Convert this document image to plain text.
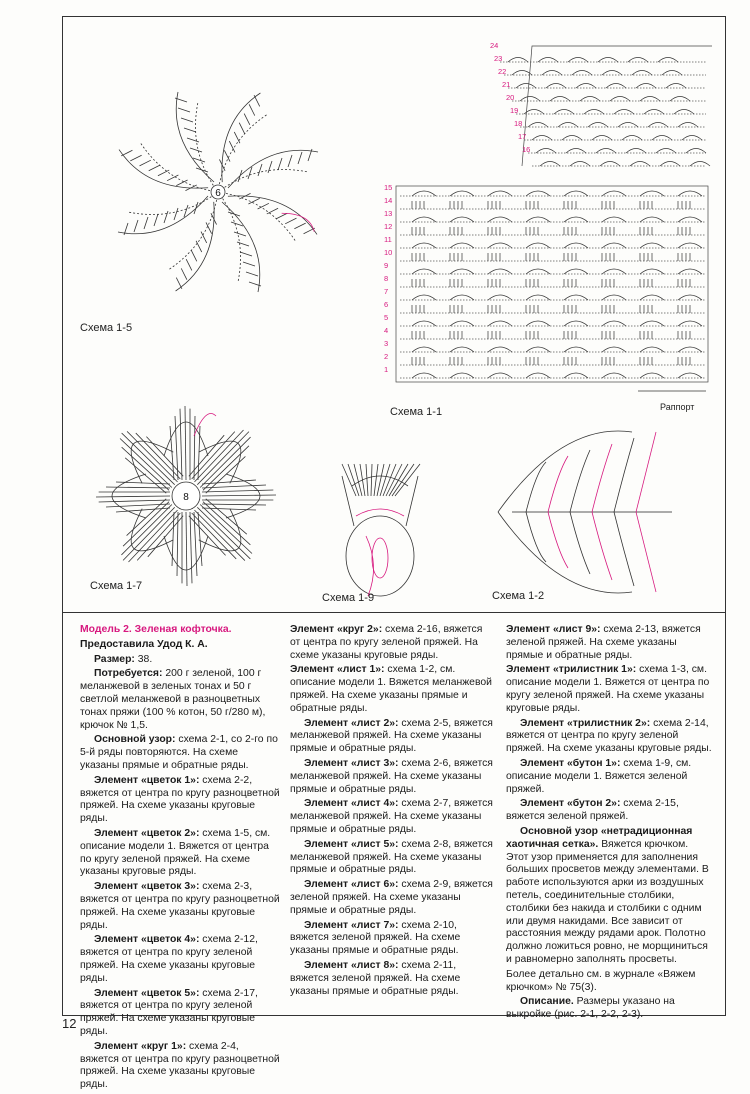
6
15
14
13
12
11
10
9
8
7
6
5
4
3
2
1
24
23
22
21
20
19
18
17
16
8
Схема 1-5
Схема 1-1	Раппорт
Схема 1-7
Схема 1-9	Схема 1-2

Модель 2. Зеленая кофточка.

Предоставила Удод К. А.

Размер: 38.

Потребуется: 200 г зеленой, 100 г меланжевой в зеленых тонах и 50 г светлой меланжевой в разноцветных тонах пряжи (100 % котон, 50 г/280 м), крючок № 1,5.

Основной узор: схема 2-1, со 2-го по 5-й ряды повторяются. На схеме указаны прямые и обратные ряды.

Элемент «цветок 1»: схема 2-2, вяжется от центра по кругу разноцветной пряжей. На схеме указаны круговые ряды.

Элемент «цветок 2»: схема 1-5, см. описание модели 1. Вяжется от центра по кругу зеленой пряжей. На схеме указаны круговые ряды.

Элемент «цветок 3»: схема 2-3, вяжется от центра по кругу разноцветной пряжей. На схеме указаны круговые ряды.

Элемент «цветок 4»: схема 2-12, вяжется от центра по кругу зеленой пряжей. На схеме указаны круговые ряды.

Элемент «цветок 5»: схема 2-17, вяжется от центра по кругу зеленой пряжей. На схеме указаны круговые ряды.

Элемент «круг 1»: схема 2-4, вяжется от центра по кругу разноцветной пряжей. На схеме указаны круговые ряды.

Элемент «круг 2»: схема 2-16, вяжется от центра по кругу зеленой пряжей. На схеме указаны круговые ряды.

Элемент «лист 1»: схема 1-2, см. описание модели 1. Вяжется меланжевой пряжей. На схеме указаны прямые и обратные ряды.

Элемент «лист 2»: схема 2-5, вяжется меланжевой пряжей. На схеме указаны прямые и обратные ряды.

Элемент «лист 3»: схема 2-6, вяжется меланжевой пряжей. На схеме указаны прямые и обратные ряды.

Элемент «лист 4»: схема 2-7, вяжется меланжевой пряжей. На схеме указаны прямые и обратные ряды.

Элемент «лист 5»: схема 2-8, вяжется меланжевой пряжей. На схеме указаны прямые и обратные ряды.

Элемент «лист 6»: схема 2-9, вяжется зеленой пряжей. На схеме указаны прямые и обратные ряды.

Элемент «лист 7»: схема 2-10, вяжется зеленой пряжей. На схеме указаны прямые и обратные ряды.

Элемент «лист 8»: схема 2-11, вяжется зеленой пряжей. На схеме указаны прямые и обратные ряды.

Элемент «лист 9»: схема 2-13, вяжется зеленой пряжей. На схеме указаны прямые и обратные ряды.

Элемент «трилистник 1»: схема 1-3, см. описание модели 1. Вяжется от центра по кругу зеленой пряжей. На схеме указаны круговые ряды.

Элемент «трилистник 2»: схема 2-14, вяжется от центра по кругу зеленой пряжей. На схеме указаны круговые ряды.

Элемент «бутон 1»: схема 1-9, см. описание модели 1. Вяжется зеленой пряжей.

Элемент «бутон 2»: схема 2-15, вяжется зеленой пряжей.

Основной узор «нетрадиционная хаотичная сетка». Вяжется крючком. Этот узор применяется для заполнения больших просветов между элементами. В работе используются арки из воздушных петель, соединительные столбики, столбики без накида и столбики с одним или двумя накидами. Все зависит от расстояния между рядами арок. Полотно должно ложиться ровно, не морщиниться и равномерно заполнять просветы.

Более детально см. в журнале «Вяжем крючком» № 75(3).

Описание. Размеры указано на выкройке (рис. 2-1, 2-2, 2-3).

12
